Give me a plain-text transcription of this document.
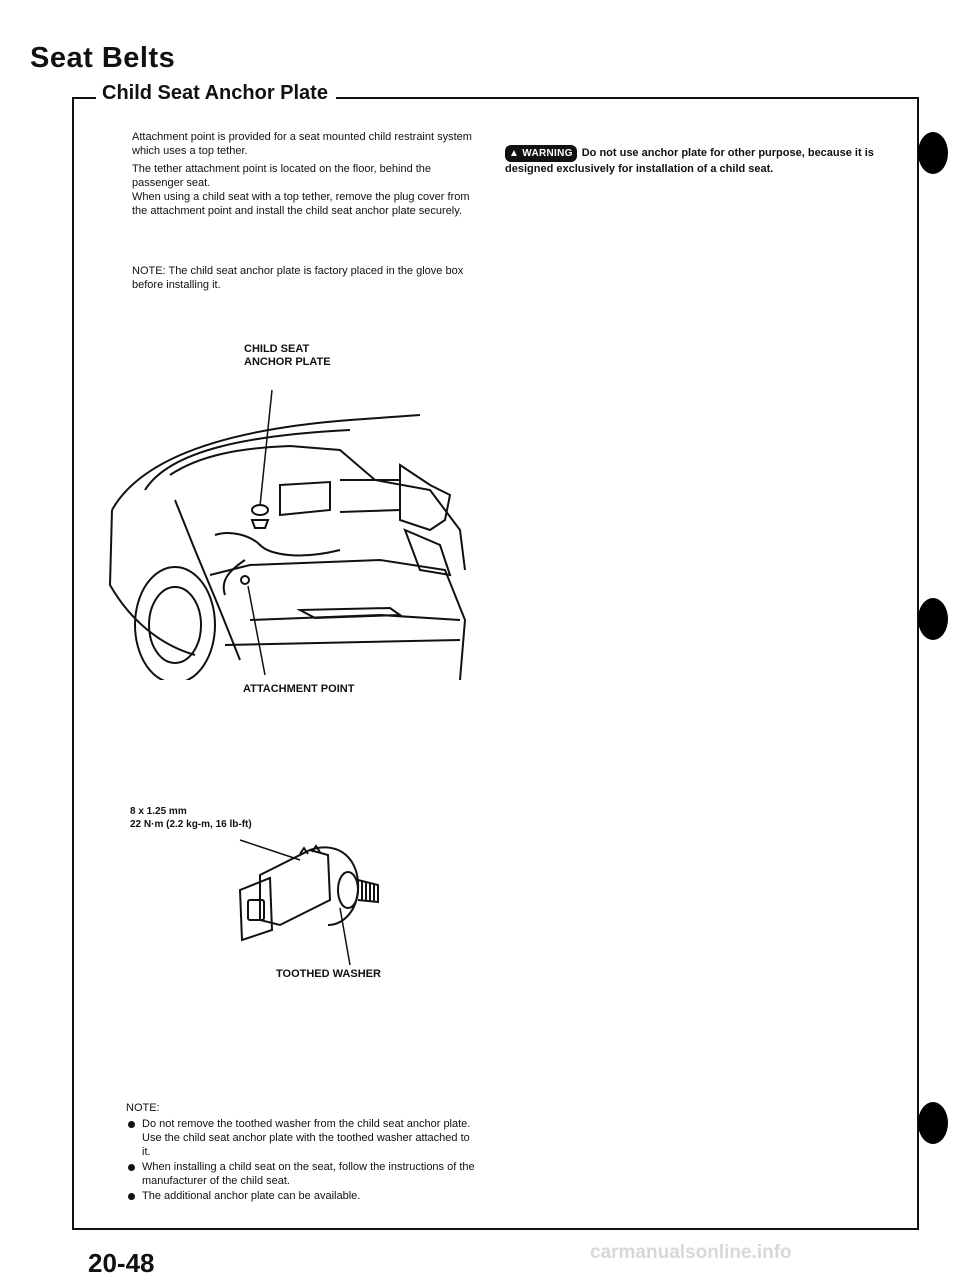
Seat Belts
Child Seat Anchor Plate

Attachment point is provided for a seat mounted child restraint system which uses a top tether.

The tether attachment point is located on the floor, behind the passenger seat.

When using a child seat with a top tether, remove the plug cover from the attachment point and install the child seat anchor plate securely.

NOTE: The child seat anchor plate is factory placed in the glove box before installing it.
▲ WARNING Do not use anchor plate for other purpose, because it is designed exclusively for installation of a child seat.
CHILD SEAT
ANCHOR PLATE
ATTACHMENT POINT
8 x 1.25 mm
22 N·m (2.2 kg-m, 16 lb-ft)
TOOTHED WASHER
NOTE:
Do not remove the toothed washer from the child seat anchor plate. Use the child seat anchor plate with the toothed washer attached to it.
When installing a child seat on the seat, follow the instructions of the manufacturer of the child seat.
The additional anchor plate can be available.
20-48	carmanualsonline.info
